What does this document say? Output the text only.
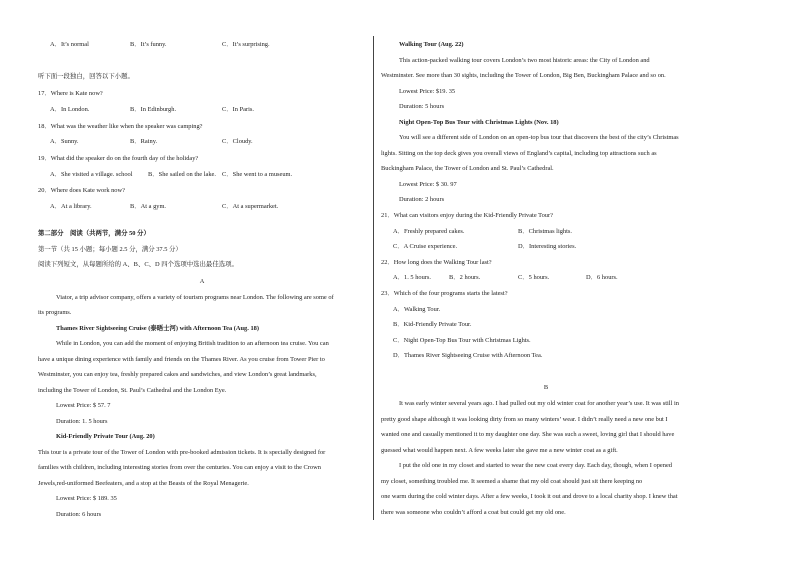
A．It’s normal	B．It’s funny.	C．It’s surprising.
听下面一段独白，回答以下小题。
17．Where is Kate now?
A．In London.	B．In Edinburgh.	C．In Paris.
18．What was the weather like when the speaker was camping?
A．Sunny.	B．Rainy.	C．Cloudy.
19．What did the speaker do on the fourth day of the holiday?
A．She visited a village. school B．She sailed on the lake. C．She went to a museum.
20．Where does Kate work now?
A．At a library.	B．At a gym.	C．At a supermarket.
第二部分　阅读（共两节，满分 50 分）
第一节（共 15 小题；每小题 2.5 分，满分 37.5 分）
阅读下列短文，从每题所给的 A、B、C、D 四个选项中选出最佳选项。
A
Viator, a trip advisor company, offers a variety of tourism programs near London. The following are some of
its programs.
Thames River Sightseeing Cruise (泰晤士河) with Afternoon Tea (Aug. 18)
While in London, you can add the moment of enjoying British tradition to an afternoon tea cruise. You can
have a unique dining experience with family and friends on the Thames River. As you cruise from Tower Pier to
Westminster, you can enjoy tea, freshly prepared cakes and sandwiches, and view London’s great landmarks,
including the Tower of London, St. Paul’s Cathedral and the London Eye.
Lowest Price: $ 57. 7
Duration: 1. 5 hours
Kid-Friendly Private Tour (Aug. 20)
This tour is a private tour of the Tower of London with pre-booked admission tickets. It is specially designed for
families with children, including interesting stories from over the centuries. You can enjoy a visit to the Crown
Jewels,red-uniformed Beefeaters, and a stop at the Beasts of the Royal Menagerie.
Lowest Price: $ 189. 35
Duration: 6 hours
Walking Tour (Aug. 22)
This action-packed walking tour covers London’s two most historic areas: the City of London and
Westminster. See more than 30 sights, including the Tower of London, Big Ben, Buckingham Palace and so on.
Lowest Price: $19. 35
Duration: 5 hours
Night Open-Top Bus Tour with Christmas Lights (Nov. 18)
You will see a different side of London on an open-top bus tour that discovers the best of the city’s Christmas
lights. Sitting on the top deck gives you overall views of England’s capital, including top attractions such as
Buckingham Palace, the Tower of London and St. Paul’s Cathedral.
Lowest Price: $ 30. 97
Duration: 2 hours
21．What can visitors enjoy during the Kid-Friendly Private Tour?
A．Freshly prepared cakes.	B．Christmas lights.
C．A Cruise experience.	D．Interesting stories.
22．How long does the Walking Tour last?
A．1. 5 hours.	B．2 hours.	C．5 hours.	D．6 hours.
23．Which of the four programs starts the latest?
A．Walking Tour.
B．Kid-Friendly Private Tour.
C．Night Open-Top Bus Tour with Christmas Lights.
D．Thames River Sightseeing Cruise with Afternoon Tea.
B
It was early winter several years ago. I had pulled out my old winter coat for another year’s use. It was still in
pretty good shape although it was looking dirty from so many winters’ wear. I didn’t really need a new one but I
wanted one and casually mentioned it to my daughter one day. She was such a sweet, loving girl that I should have
guessed what would happen next. A few weeks later she gave me a new winter coat as a gift.
I put the old one in my closet and started to wear the new coat every day. Each day, though, when I opened
my closet, something troubled me. It seemed a shame that my old coat should just sit there keeping no
one warm during the cold winter days. After a few weeks, I took it out and drove to a local charity shop. I knew that
there was someone who couldn’t afford a coat but could get my old one.
